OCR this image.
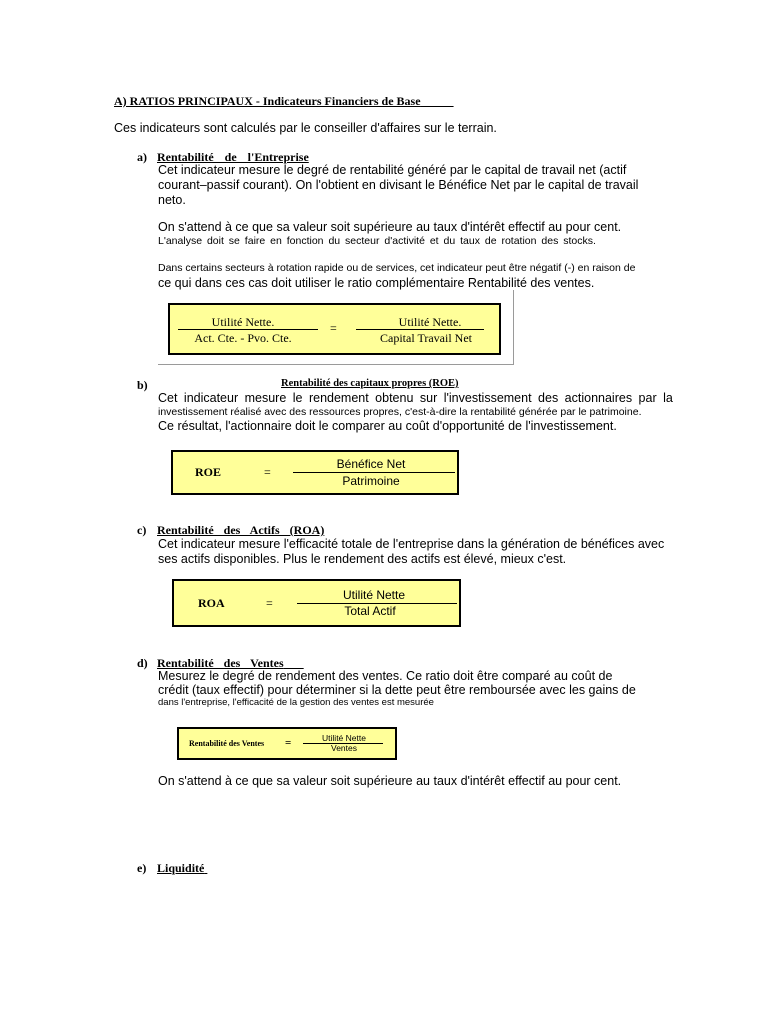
A) RATIOS PRINCIPAUX - Indicateurs Financiers de Base
Ces indicateurs sont calculés par le conseiller d'affaires sur le terrain.
a) Rentabilité de l'Entreprise
Cet indicateur mesure le degré de rentabilité généré par le capital de travail net (actif
courant–passif courant). On l'obtient en divisant le Bénéfice Net par le capital de travail
neto.
On s'attend à ce que sa valeur soit supérieure au taux d'intérêt effectif au pour cent.
L'analyse doit se faire en fonction du secteur d'activité et du taux de rotation des stocks.
Dans certains secteurs à rotation rapide ou de services, cet indicateur peut être négatif (-) en raison de
ce qui dans ces cas doit utiliser le ratio complémentaire Rentabilité des ventes.
Utilité Nette.
Act. Cte. - Pvo. Cte.
=	Utilité Nette.
Capital Travail Net
b)	Rentabilité des capitaux propres (ROE)
Cet indicateur mesure le rendement obtenu sur l'investissement des actionnaires par la
investissement réalisé avec des ressources propres, c'est-à-dire la rentabilité générée par le patrimoine.
Ce résultat, l'actionnaire doit le comparer au coût d'opportunité de l'investissement.
ROE	=
Bénéfice Net
Patrimoine
c) Rentabilité des Actifs (ROA)
Cet indicateur mesure l'efficacité totale de l'entreprise dans la génération de bénéfices avec
ses actifs disponibles. Plus le rendement des actifs est élevé, mieux c'est.
ROA	=
Utilité Nette
Total Actif
d) Rentabilité des Ventes
Mesurez le degré de rendement des ventes. Ce ratio doit être comparé au coût de
crédit (taux effectif) pour déterminer si la dette peut être remboursée avec les gains de
dans l'entreprise, l'efficacité de la gestion des ventes est mesurée
Rentabilité des Ventes =	Utilité Nette
Ventes
On s'attend à ce que sa valeur soit supérieure au taux d'intérêt effectif au pour cent.
e) Liquidité
